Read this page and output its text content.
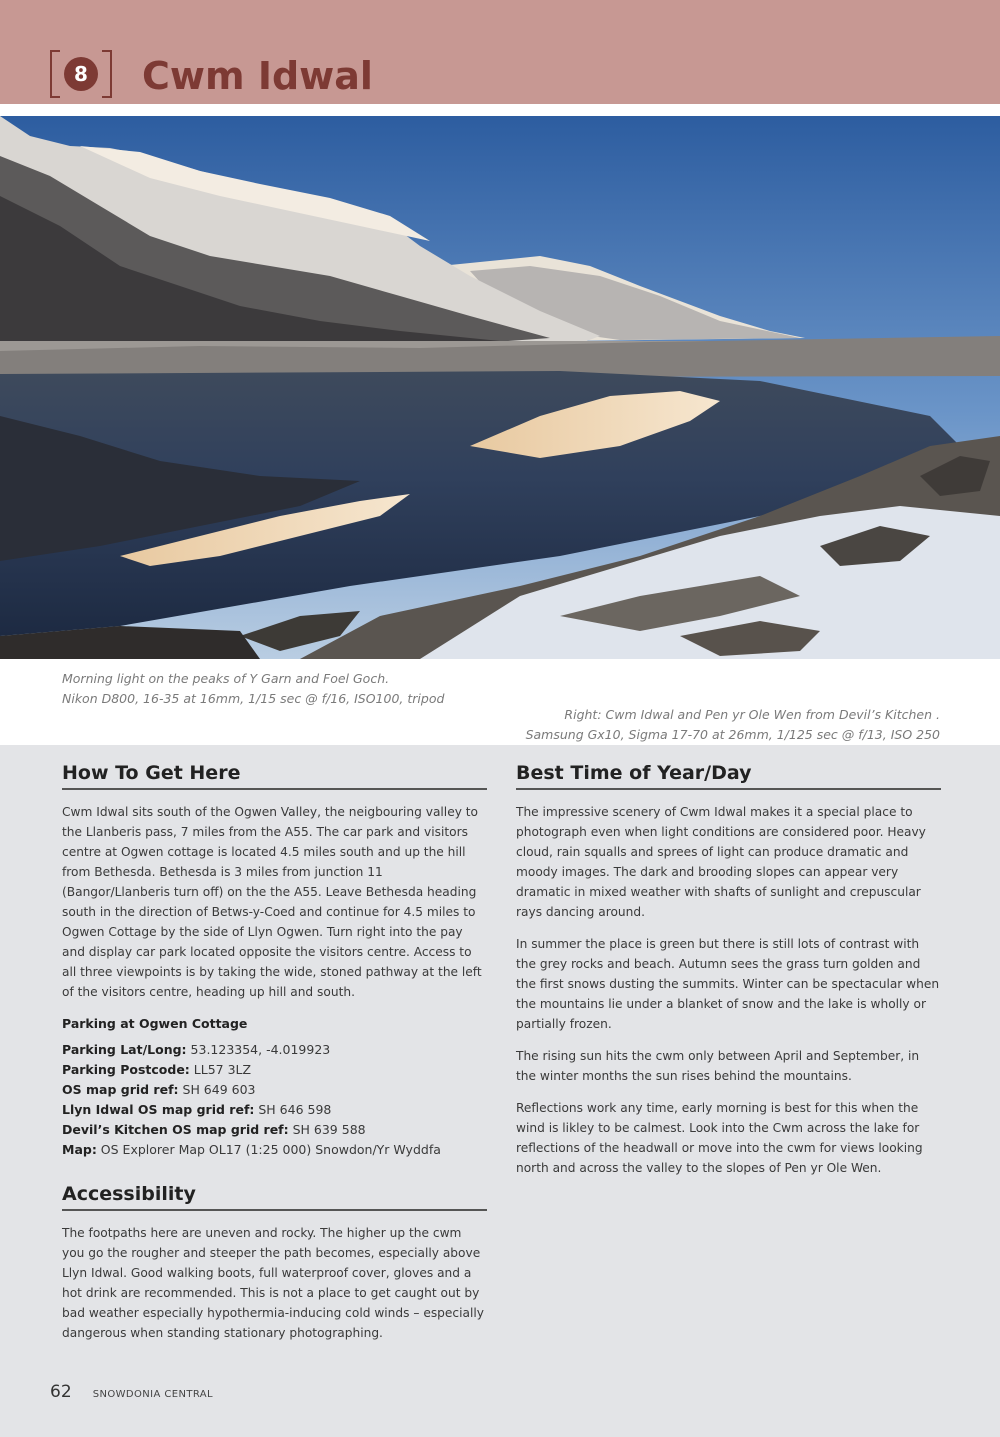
8 Cwm Idwal
Morning light on the peaks of Y Garn and Foel Goch.
Nikon D800, 16-35 at 16mm, 1/15 sec @ f/16, ISO100, tripod
Right: Cwm Idwal and Pen yr Ole Wen from Devil’s Kitchen .
Samsung Gx10, Sigma 17-70 at 26mm, 1/125 sec @ f/13, ISO 250
How To Get Here

Cwm Idwal sits south of the Ogwen Valley, the neigbouring valley to the Llanberis pass, 7 miles from the A55. The car park and visitors centre at Ogwen cottage is located 4.5 miles south and up the hill from Bethesda. Bethesda is 3 miles from junction 11 (Bangor/Llanberis turn off) on the the A55. Leave Bethesda heading south in the direction of Betws-y-Coed and continue for 4.5 miles to Ogwen Cottage by the side of Llyn Ogwen. Turn right into the pay and display car park located opposite the visitors centre. Access to all three viewpoints is by taking the wide, stoned pathway at the left of the visitors centre, heading up hill and south.

Parking at Ogwen Cottage
Parking Lat/Long: 53.123354, -4.019923
Parking Postcode: LL57 3LZ
OS map grid ref: SH 649 603
Llyn Idwal OS map grid ref: SH 646 598
Devil’s Kitchen OS map grid ref: SH 639 588
Map: OS Explorer Map OL17 (1:25 000) Snowdon/Yr Wyddfa
Accessibility

The footpaths here are uneven and rocky. The higher up the cwm you go the rougher and steeper the path becomes, especially above Llyn Idwal. Good walking boots, full waterproof cover, gloves and a hot drink are recommended. This is not a place to get caught out by bad weather especially hypothermia-inducing cold winds – especially dangerous when standing stationary photographing.

Best Time of Year/Day

The impressive scenery of Cwm Idwal makes it a special place to photograph even when light conditions are considered poor. Heavy cloud, rain squalls and sprees of light can produce dramatic and moody images. The dark and brooding slopes can appear very dramatic in mixed weather with shafts of sunlight and crepuscular rays dancing around.

In summer the place is green but there is still lots of contrast with the grey rocks and beach. Autumn sees the grass turn golden and the first snows dusting the summits. Winter can be spectacular when the mountains lie under a blanket of snow and the lake is wholly or partially frozen.

The rising sun hits the cwm only between April and September, in the winter months the sun rises behind the mountains.

Reflections work any time, early morning is best for this when the wind is likley to be calmest. Look into the Cwm across the lake for reflections of the headwall or move into the cwm for views looking north and across the valley to the slopes of Pen yr Ole Wen.

62 SNOWDONIA CENTRAL
